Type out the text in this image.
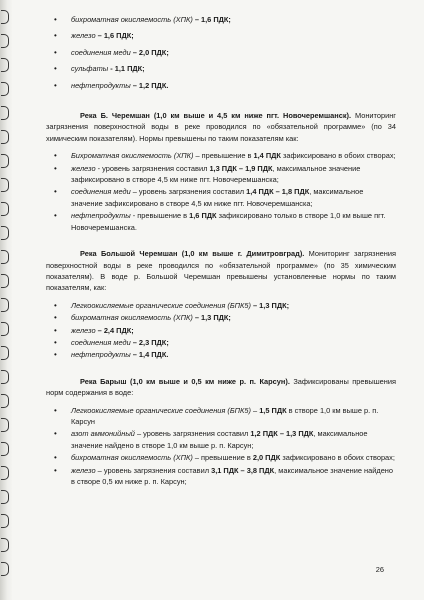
• бихроматная окисляемость (ХПК) – 1,6 ПДК;
• железо – 1,6 ПДК;
• соединения меди – 2,0 ПДК;
• сульфаты - 1,1 ПДК;
• нефтепродукты – 1,2 ПДК.

Река Б. Черемшан (1,0 км выше и 4,5 км ниже пгт. Новочеремшанск). Мониторинг загрязнения поверхностной воды в реке проводился по «обязательной программе» (по 34 химическим показателям). Нормы превышены по таким показателям как:

• Бихроматная окисляемость (ХПК) – превышение в 1,4 ПДК зафиксировано в обоих створах;
• железо - уровень загрязнения составил 1,3 ПДК – 1,9 ПДК, максимальное значение зафиксировано в створе 4,5 км ниже пгт. Новочеремшанска;
• соединения меди – уровень загрязнения составил 1,4 ПДК – 1,8 ПДК, максимальное значение зафиксировано в створе 4,5 км ниже пгт. Новочеремшанска;
• нефтепродукты - превышение в 1,6 ПДК зафиксировано только в створе 1,0 км выше пгт. Новочеремшанска.

Река Большой Черемшан (1,0 км выше г. Димитровград). Мониторинг загрязнения поверхностной воды в реке проводился по «обязательной программе» (по 35 химическим показателям). В воде р. Большой Черемшан превышены установленные нормы по таким показателям, как:

• Легкоокисляемые органические соединения (БПК5) – 1,3 ПДК;
• бихроматная окисляемость (ХПК) – 1,3 ПДК;
• железо – 2,4 ПДК;
• соединения меди – 2,3 ПДК;
• нефтепродукты – 1,4 ПДК.

Река Барыш (1,0 км выше и 0,5 км ниже р. п. Карсун). Зафиксированы превышения норм содержания в воде:

• Легкоокисляемые органические соединения (БПК5) – 1,5 ПДК в створе 1,0 км выше р. п. Карсун
• азот аммонийный – уровень загрязнения составил 1,2 ПДК – 1,3 ПДК, максимальное значение найдено в створе 1,0 км выше р. п. Карсун;
• бихроматная окисляемость (ХПК) – превышение в 2,0 ПДК зафиксировано в обоих створах;
• железо – уровень загрязнения составил 3,1 ПДК – 3,8 ПДК, максимальное значение найдено в створе 0,5 км ниже р. п. Карсун;
26
